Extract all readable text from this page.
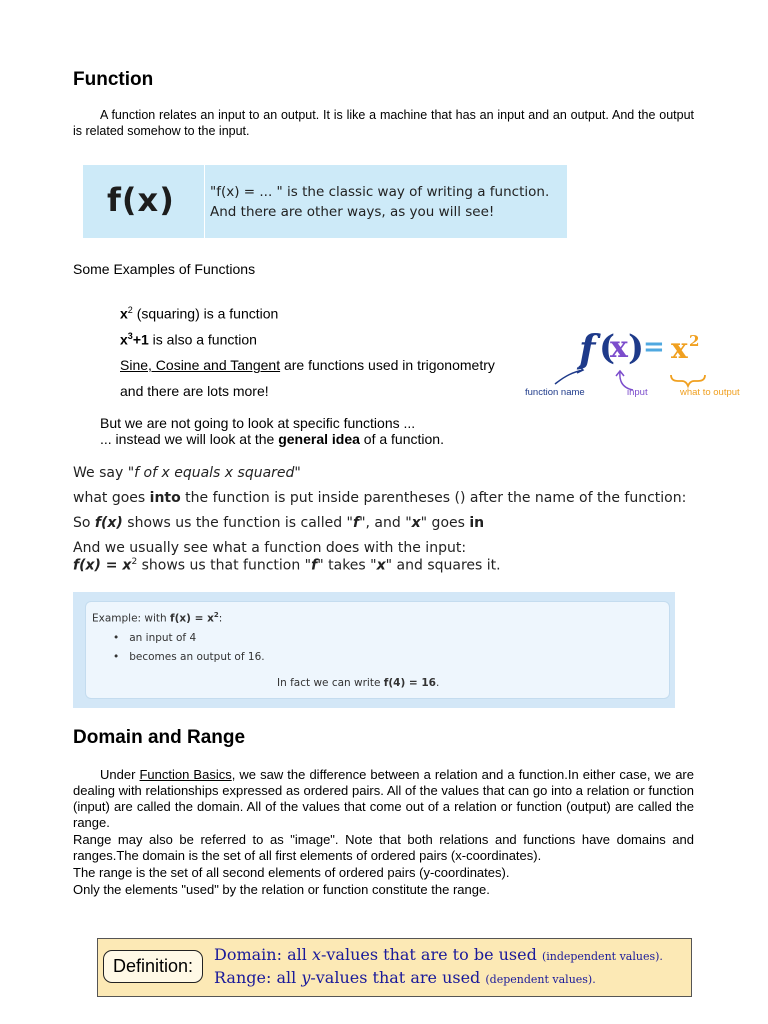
Function
A function relates an input to an output. It is like a machine that has an input and an output. And the output is related somehow to the input.
f(x)	"f(x) = ... " is the classic way of writing a function.
And there are other ways, as you will see!
Some Examples of Functions
$x^2$ (squaring) is a function
$x^3+1$ is also a function
Sine, Cosine and Tangent are functions used in trigonometry
and there are lots more!
f (
x )
= x 2
function name	input	what to output
But we are not going to look at specific functions ...
... instead we will look at the general idea of a function.
We say "f of x equals x squared"
what goes into the function is put inside parentheses () after the name of the function:
So f(x) shows us the function is called "f", and "x" goes in
And we usually see what a function does with the input:
$f(x) = x^2$ shows us that function "f" takes "x" and squares it.
Example: with $f(x) = x^2$:
•   an input of 4
•   becomes an output of 16.
In fact we can write f(4) = 16.
Domain and Range
Under Function Basics, we saw the difference between a relation and a function.In either case, we are dealing with relationships expressed as ordered pairs. All of the values that can go into a relation or function (input) are called the domain. All of the values that come out of a relation or function (output) are called the range.
Range may also be referred to as "image". Note that both relations and functions have domains and ranges.The domain is the set of all first elements of ordered pairs (x-coordinates).
The range is the set of all second elements of ordered pairs (y-coordinates).
Only the elements "used" by the relation or function constitute the range.
Definition:
Domain: all x-values that are to be used (independent values).
Range: all y-values that are used (dependent values).
